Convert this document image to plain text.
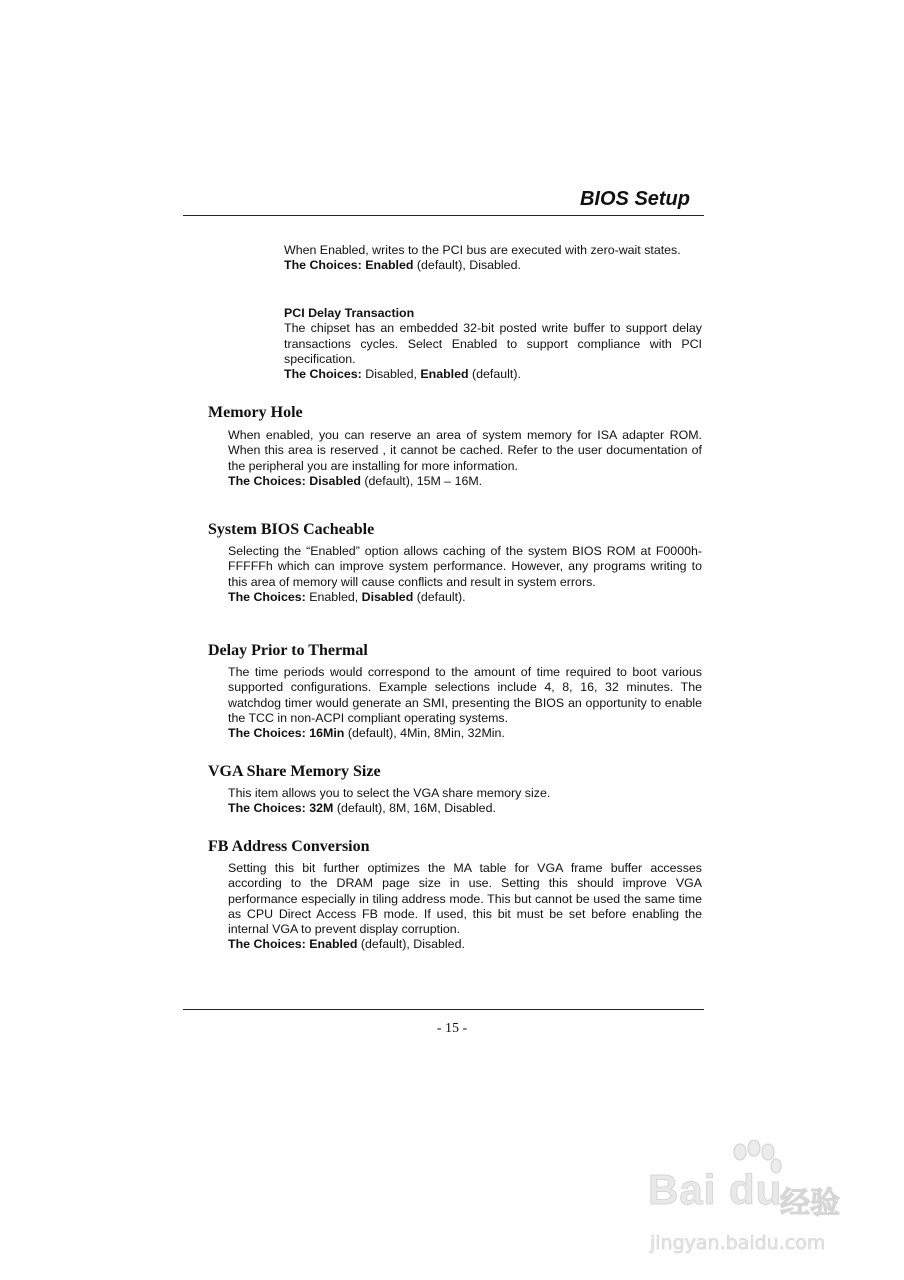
BIOS Setup

When Enabled, writes to the PCI bus are executed with zero-wait states.

The Choices: Enabled (default), Disabled.

PCI Delay Transaction

The chipset has an embedded 32-bit posted write buffer to support delay transactions cycles. Select Enabled to support compliance with PCI specification.

The Choices: Disabled, Enabled (default).

Memory Hole

When enabled, you can reserve an area of system memory for ISA adapter ROM. When this area is reserved , it cannot be cached. Refer to the user documentation of the peripheral you are installing for more information.

The Choices: Disabled (default), 15M – 16M.

System BIOS Cacheable

Selecting the “Enabled” option allows caching of the system BIOS ROM at F0000h-FFFFFh which can improve system performance. However, any programs writing to this area of memory will cause conflicts and result in system errors.

The Choices: Enabled, Disabled (default).

Delay Prior to Thermal

The time periods would correspond to the amount of time required to boot various supported configurations. Example selections include 4, 8, 16, 32 minutes. The watchdog timer would generate an SMI, presenting the BIOS an opportunity to enable the TCC in non-ACPI compliant operating systems.

The Choices: 16Min (default), 4Min, 8Min, 32Min.

VGA Share Memory Size

This item allows you to select the VGA share memory size.

The Choices: 32M (default), 8M, 16M, Disabled.

FB Address Conversion

Setting this bit further optimizes the MA table for VGA frame buffer accesses according to the DRAM page size in use. Setting this should improve VGA performance especially in tiling address mode. This but cannot be used the same time as CPU Direct Access FB mode. If used, this bit must be set before enabling the internal VGA to prevent display corruption.

The Choices: Enabled (default), Disabled.

- 15 -
Bai du
经验
jingyan.baidu.com
